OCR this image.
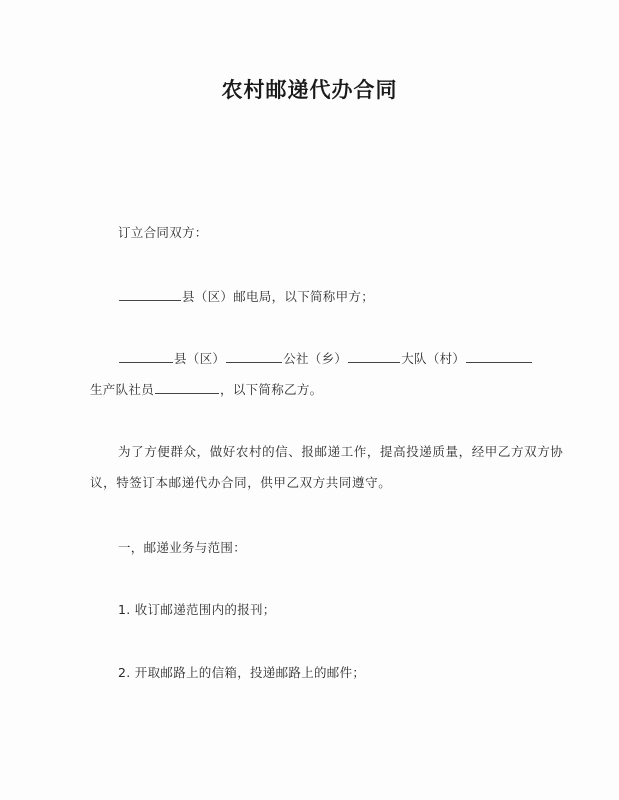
农村邮递代办合同
订立合同双方：
县（区）邮电局，以下简称甲方；
县（区）	公社（乡）	大队（村）
生产队社员	，以下简称乙方。
为了方便群众，做好农村的信、报邮递工作，提高投递质量，经甲乙方双方协
议，特签订本邮递代办合同，供甲乙双方共同遵守。
一，邮递业务与范围：
1. 收订邮递范围内的报刊；
2. 开取邮路上的信箱，投递邮路上的邮件；
